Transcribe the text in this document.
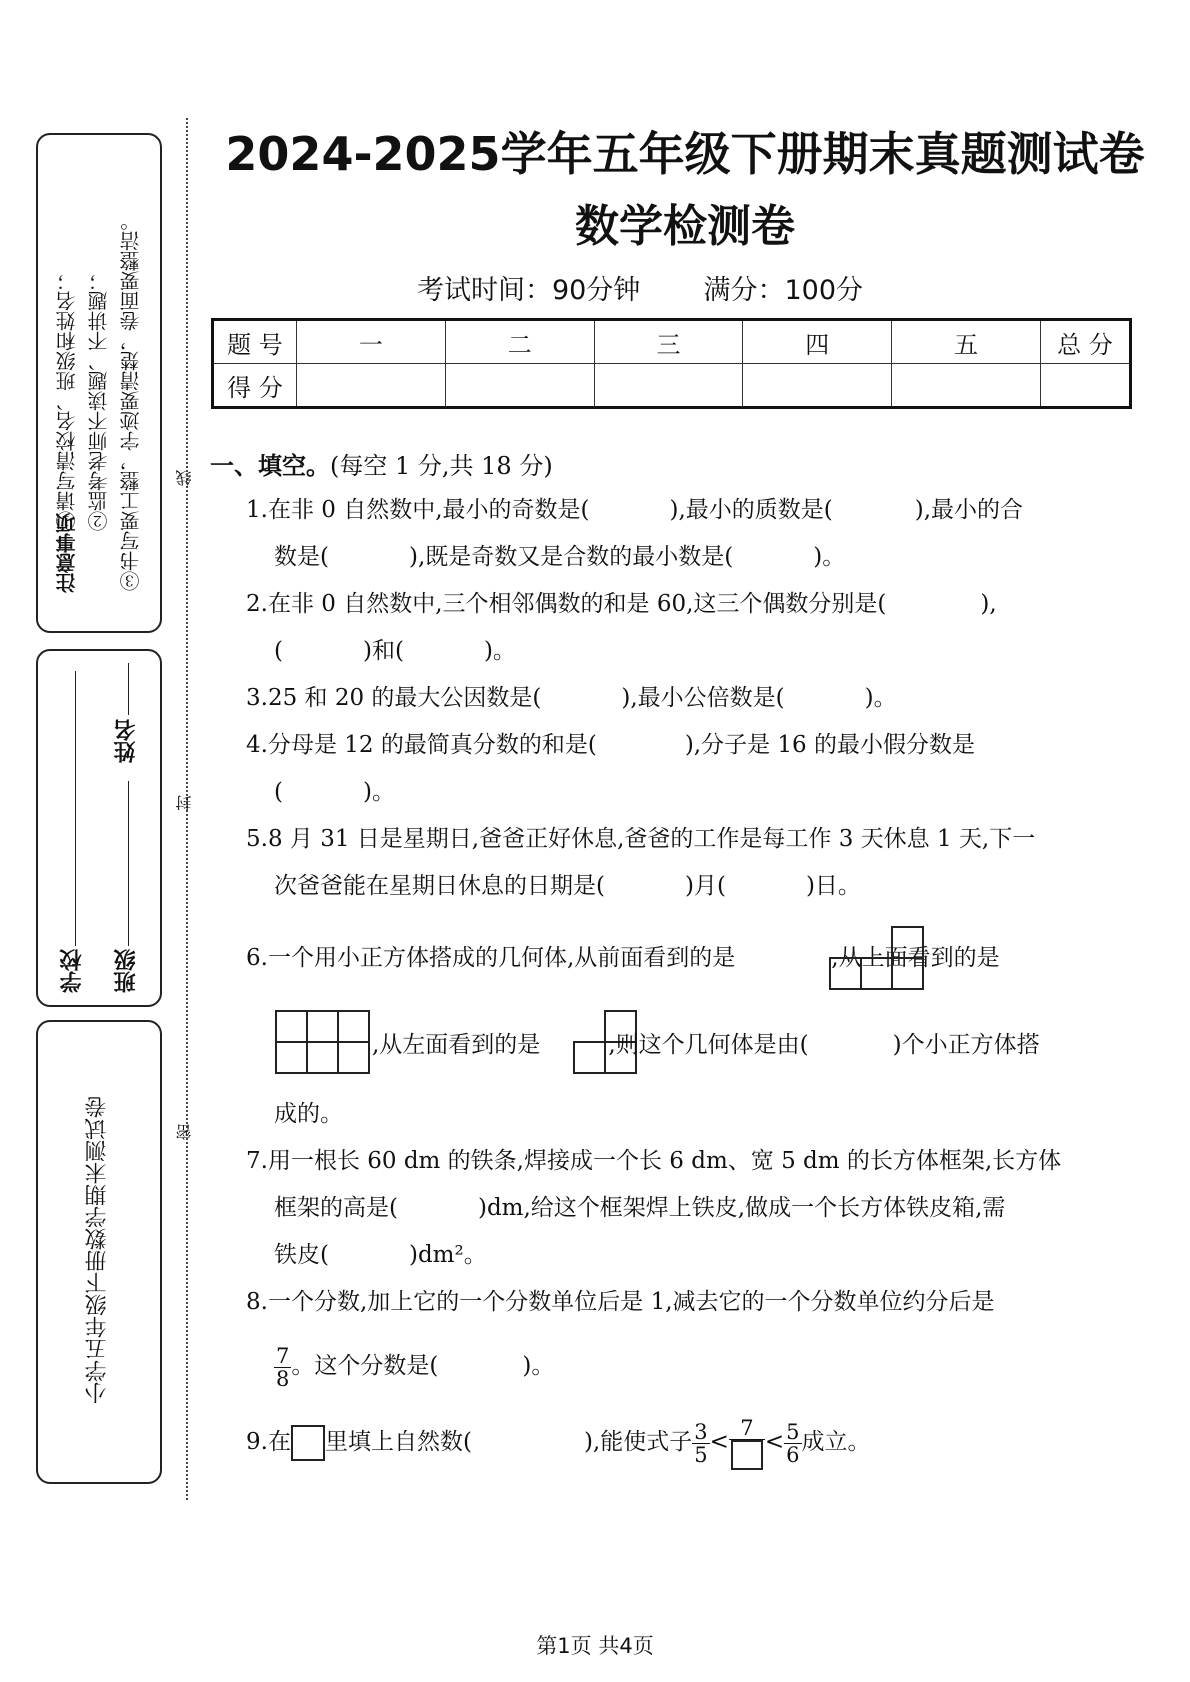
注意事项
①请写清校名、班级和姓名； ②监考老师不读题、不讲题； ③书写要工整，字迹要清楚，卷面要整洁。
学校 班级
姓名
小学五年级下册数学期末测试卷
线
封
密
2024-2025学年五年级下册期末真题测试卷
数学检测卷
考试时间：90分钟 满分：100分
题 号	一	二	三	四	五	总 分
得 分						
一、填空。(每空 1 分,共 18 分)
1.在非 0 自然数中,最小的奇数是(	),最小的质数是(	),最小的合
数是(	),既是奇数又是合数的最小数是(	)。
2.在非 0 自然数中,三个相邻偶数的和是 60,这三个偶数分别是(	),
(	)和(	)。
3.25 和 20 的最大公因数是(	),最小公倍数是(	)。
4.分母是 12 的最简真分数的和是(	),分子是 16 的最小假分数是
(	)。
5.8 月 31 日是星期日,爸爸正好休息,爸爸的工作是每工作 3 天休息 1 天,下一
次爸爸能在星期日休息的日期是(	)月(	)日。
6.一个用小正方体搭成的几何体,从前面看到的是	,从上面看到的是
,从左面看到的是	,则这个几何体是由(	)个小正方体搭
成的。
7.用一根长 60 dm 的铁条,焊接成一个长 6 dm、宽 5 dm 的长方体框架,长方体
框架的高是(	)dm,给这个框架焊上铁皮,做成一个长方体铁皮箱,需
铁皮(	)dm²。
8.一个分数,加上它的一个分数单位后是 1,减去它的一个分数单位约分后是
$\frac{7}{8}$ 。这个分数是(	)。
9.在 里填上自然数(	),能使式子 $\frac{3}{5}$ <
7
< $\frac{5}{6}$ 成立。
第1页 共4页
